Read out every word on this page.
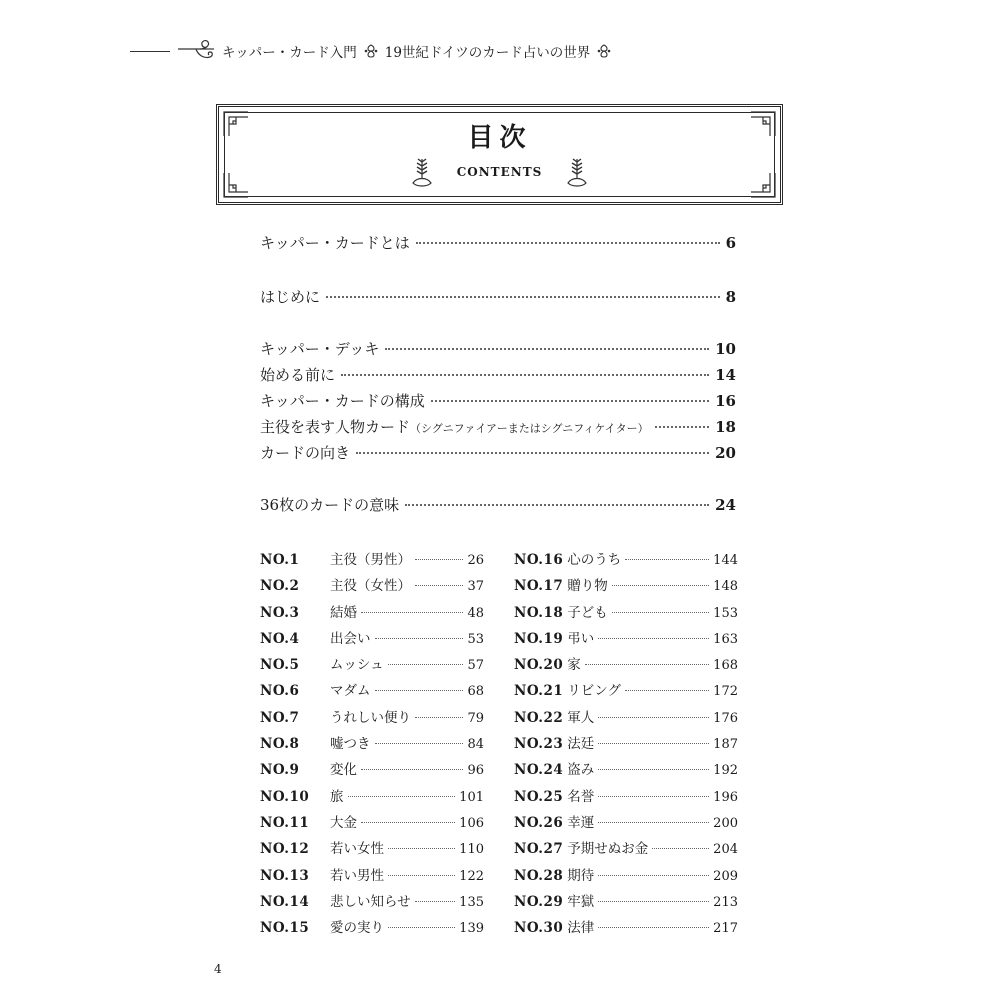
キッパー・カード入門 19世紀ドイツのカード占いの世界
目次
CONTENTS
キッパー・カードとは	6
はじめに	8
キッパー・デッキ	10
始める前に	14
キッパー・カードの構成	16
主役を表す人物カード（シグニファイアーまたはシグニフィケイター）	18
カードの向き	20
36枚のカードの意味	24
NO.1	主役（男性）	26
NO.2	主役（女性）	37
NO.3	結婚	48
NO.4	出会い	53
NO.5	ムッシュ	57
NO.6	マダム	68
NO.7	うれしい便り	79
NO.8	嘘つき	84
NO.9	変化	96
NO.10	旅	101
NO.11	大金	106
NO.12	若い女性	110
NO.13	若い男性	122
NO.14	悲しい知らせ	135
NO.15	愛の実り	139
NO.16 心のうち	144
NO.17 贈り物	148
NO.18 子ども	153
NO.19 弔い	163
NO.20 家	168
NO.21 リビング	172
NO.22 軍人	176
NO.23 法廷	187
NO.24 盗み	192
NO.25 名誉	196
NO.26 幸運	200
NO.27 予期せぬお金	204
NO.28 期待	209
NO.29 牢獄	213
NO.30 法律	217
4
